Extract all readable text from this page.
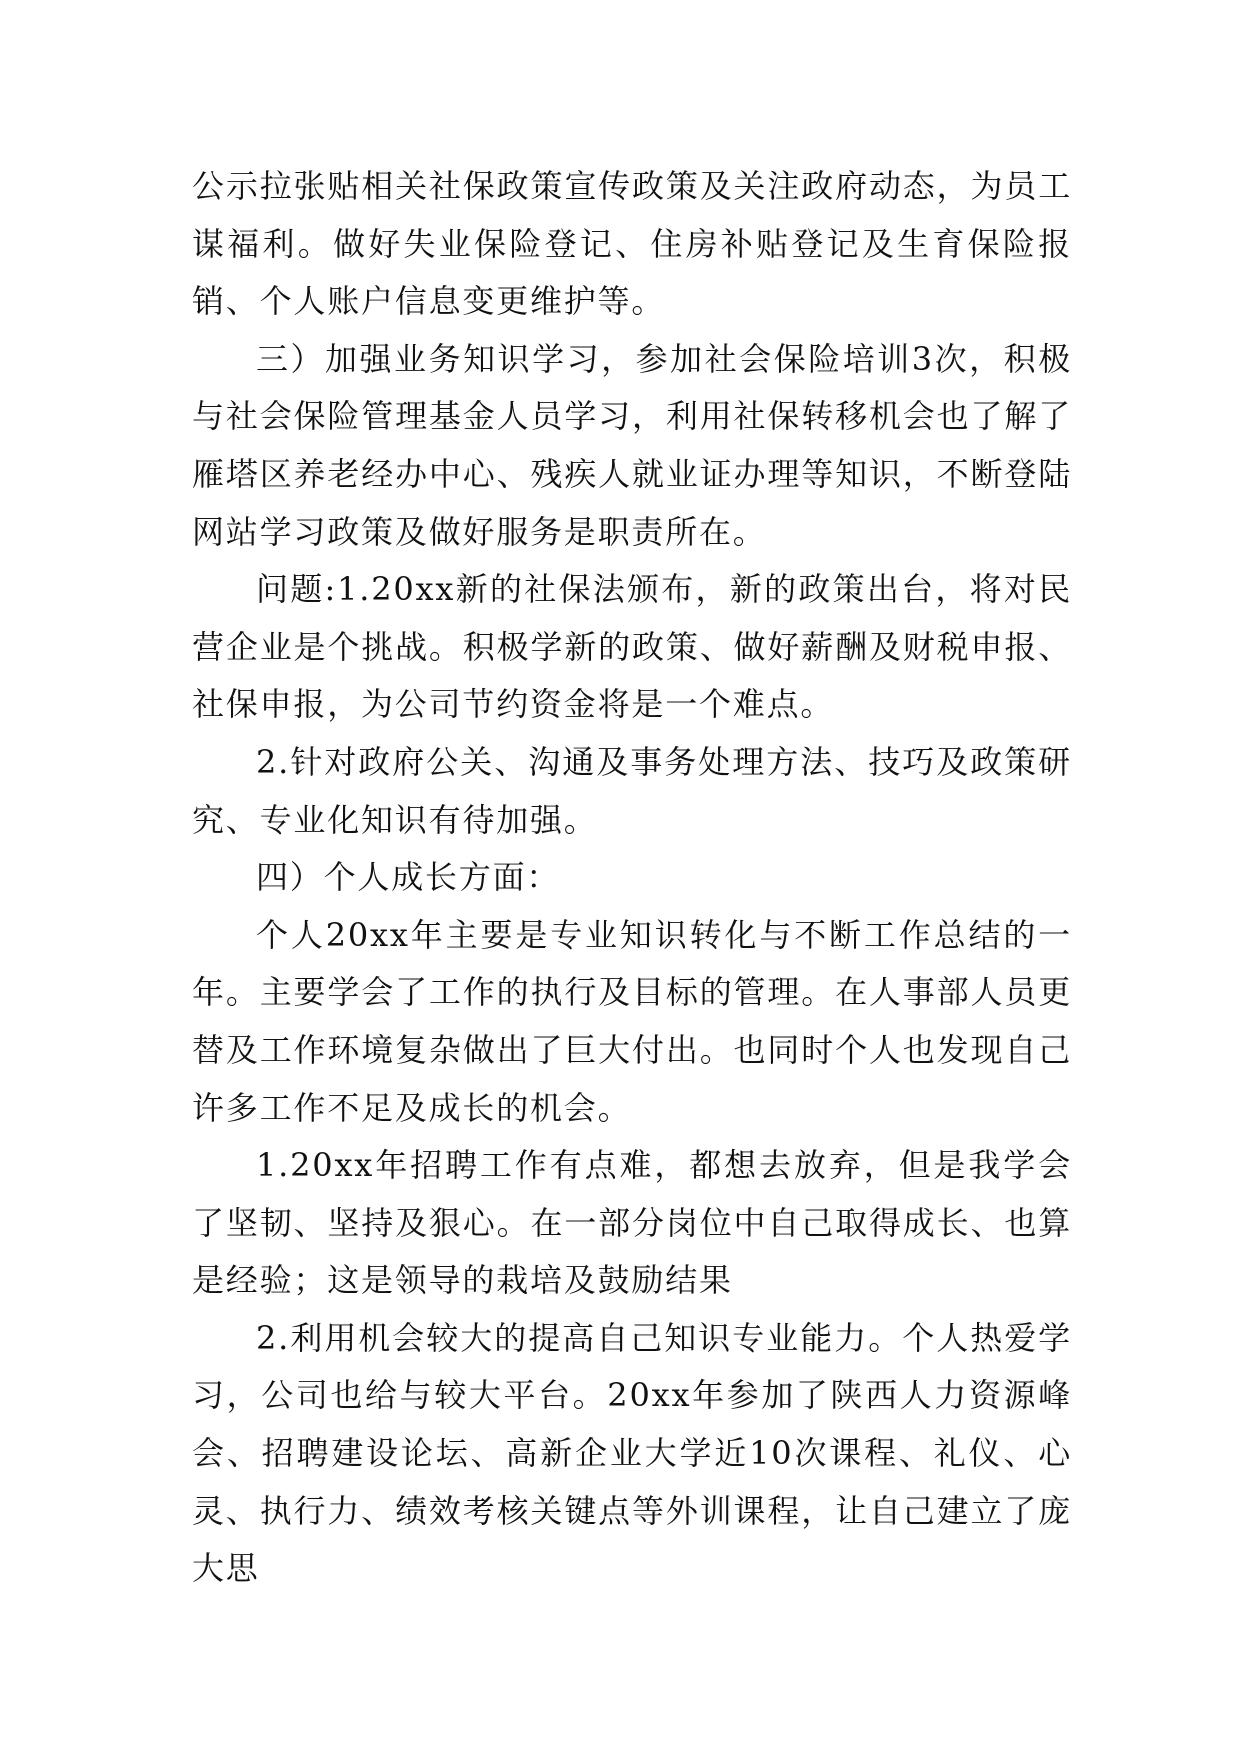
公示拉张贴相关社保政策宣传政策及关注政府动态，为员工谋福利。做好失业保险登记、住房补贴登记及生育保险报销、个人账户信息变更维护等。

三）加强业务知识学习，参加社会保险培训3次，积极与社会保险管理基金人员学习，利用社保转移机会也了解了雁塔区养老经办中心、残疾人就业证办理等知识，不断登陆网站学习政策及做好服务是职责所在。

问题:1.20xx新的社保法颁布，新的政策出台，将对民营企业是个挑战。积极学新的政策、做好薪酬及财税申报、社保申报，为公司节约资金将是一个难点。

2.针对政府公关、沟通及事务处理方法、技巧及政策研究、专业化知识有待加强。

四）个人成长方面：

个人20xx年主要是专业知识转化与不断工作总结的一年。主要学会了工作的执行及目标的管理。在人事部人员更替及工作环境复杂做出了巨大付出。也同时个人也发现自己许多工作不足及成长的机会。

1.20xx年招聘工作有点难，都想去放弃，但是我学会了坚韧、坚持及狠心。在一部分岗位中自己取得成长、也算是经验；这是领导的栽培及鼓励结果

2.利用机会较大的提高自己知识专业能力。个人热爱学习，公司也给与较大平台。20xx年参加了陕西人力资源峰会、招聘建设论坛、高新企业大学近10次课程、礼仪、心灵、执行力、绩效考核关键点等外训课程，让自己建立了庞大思
